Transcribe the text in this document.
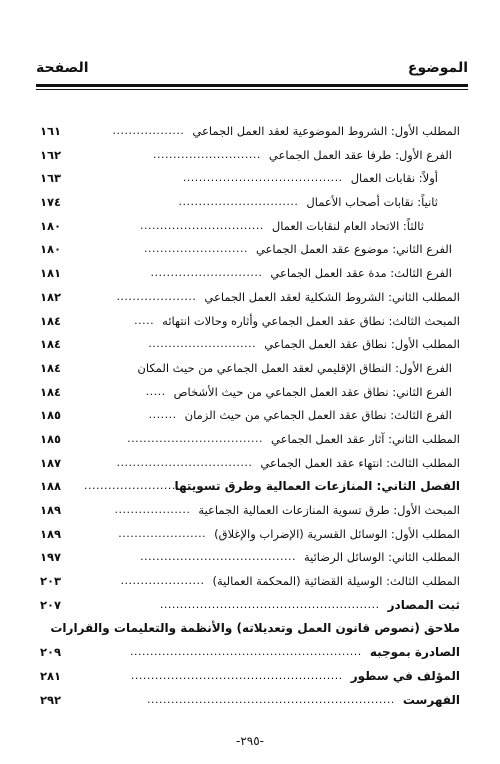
الموضوع
الصفحة
المطلب الأول: الشروط الموضوعية لعقد العمل الجماعي
..................
١٦١
الفرع الأول: طرفا عقد العمل الجماعي
...........................
١٦٢
أولاً: نقابات العمال
........................................
١٦٣
ثانياً: نقابات أصحاب الأعمال
..............................
١٧٤
ثالثاً: الاتحاد العام لنقابات العمال
...............................
١٨٠
الفرع الثاني: موضوع عقد العمل الجماعي
..........................
١٨٠
الفرع الثالث: مدة عقد العمل الجماعي
............................
١٨١
المطلب الثاني: الشروط الشكلية لعقد العمل الجماعي
....................
١٨٢
المبحث الثالث: نطاق عقد العمل الجماعي وأثاره وحالات انتهائه
.....
١٨٤
المطلب الأول: نطاق عقد العمل الجماعي
...........................
١٨٤
الفرع الأول: النطاق الإقليمي لعقد العمل الجماعي من حيث المكان
١٨٤
الفرع الثاني: نطاق عقد العمل الجماعي من حيث الأشخاص
.....
١٨٤
الفرع الثالث: نطاق عقد العمل الجماعي من حيث الزمان
.......
١٨٥
المطلب الثاني: آثار عقد العمل الجماعي
..................................
١٨٥
المطلب الثالث: انتهاء عقد العمل الجماعي
..................................
١٨٧
الفصل الثاني: المنازعات العمالية وطرق تسويتها
...........................
١٨٨
المبحث الأول: طرق تسوية المنازعات العمالية الجماعية
...................
١٨٩
المطلب الأول: الوسائل القسرية (الإضراب والإغلاق)
......................
١٨٩
المطلب الثاني: الوسائل الرضائية
.......................................
١٩٧
المطلب الثالث: الوسيلة القضائية (المحكمة العمالية)
.....................
٢٠٣
ثبت المصادر
.......................................................
٢٠٧
ملاحق (نصوص قانون العمل وتعديلاته) والأنظمة والتعليمات والقرارات
الصادرة بموجبه
..........................................................
٢٠٩
المؤلف في سطور
.....................................................
٢٨١
الفهرست
..............................................................
٢٩٢
-٢٩٥-
